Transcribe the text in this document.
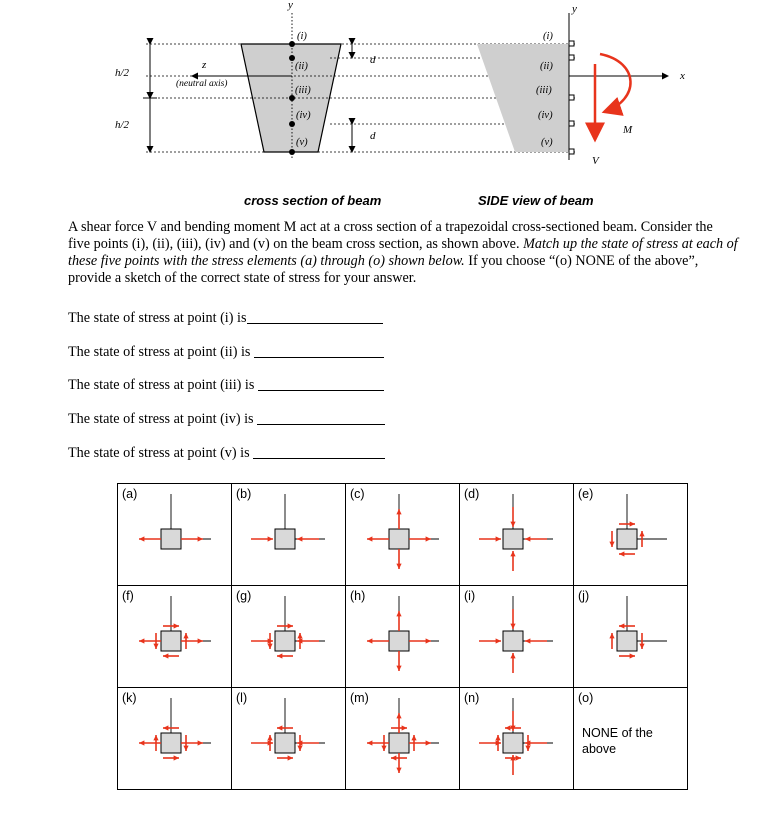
h/2
h/2
z
(neutral axis)
y	y
x
d
d	M
V
(i)
(ii)
(iii)
(iv)
(v)
(i)
(ii)
(iii)
(iv)
(v)
cross section of beam	SIDE view of beam
A shear force V and bending moment M act at a cross section of a trapezoidal cross-sectioned beam. Consider the five points (i), (ii), (iii), (iv) and (v) on the beam cross section, as shown above. Match up the state of stress at each of these five points with the stress elements (a) through (o) shown below. If you choose “(o) NONE of the above”, provide a sketch of the correct state of stress for your answer.
The state of stress at point (i) is
The state of stress at point (ii) is
The state of stress at point (iii) is
The state of stress at point (iv) is
The state of stress at point (v) is
(a)	(b)	(c)	(d)	(e)

(f)	(g)	(h)	(i)	(j)

(k)	(l)	(m)	(n)	(o)
NONE of the
above
